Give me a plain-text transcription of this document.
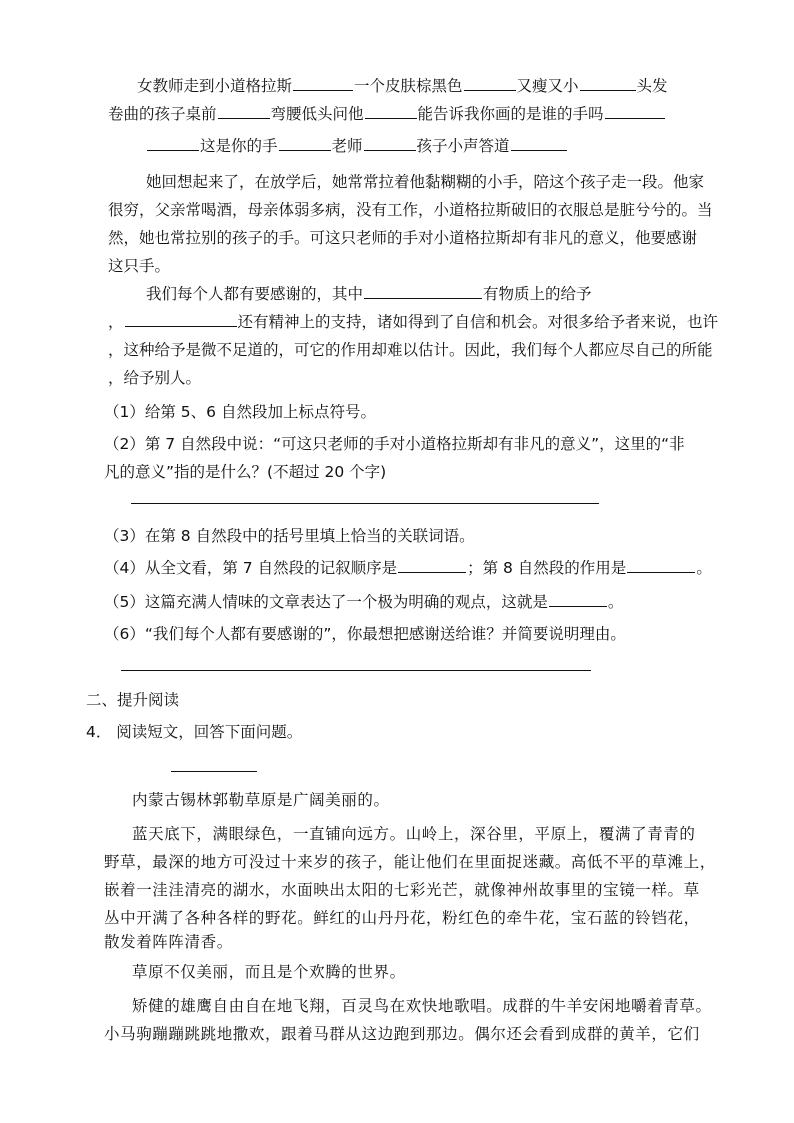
女教师走到小道格拉斯	一个皮肤棕黑色	又瘦又小	头发
卷曲的孩子桌前	弯腰低头问他	能告诉我你画的是谁的手吗
这是你的手	老师	孩子小声答道
她回想起来了，在放学后，她常常拉着他黏糊糊的小手，陪这个孩子走一段。他家
很穷，父亲常喝酒，母亲体弱多病，没有工作，小道格拉斯破旧的衣服总是脏兮兮的。当
然，她也常拉别的孩子的手。可这只老师的手对小道格拉斯却有非凡的意义，他要感谢
这只手。
我们每个人都有要感谢的，其中	有物质上的给予
，	还有精神上的支持，诸如得到了自信和机会。对很多给予者来说，也许
，这种给予是微不足道的，可它的作用却难以估计。因此，我们每个人都应尽自己的所能
，给予别人。
（1）给第 5、6 自然段加上标点符号。
（2）第 7 自然段中说：“可这只老师的手对小道格拉斯却有非凡的意义”，这里的“非
凡的意义”指的是什么？(不超过 20 个字)
（3）在第 8 自然段中的括号里填上恰当的关联词语。
（4）从全文看，第 7 自然段的记叙顺序是	；第 8 自然段的作用是	。
（5）这篇充满人情味的文章表达了一个极为明确的观点，这就是	。
（6）“我们每个人都有要感谢的”，你最想把感谢送给谁？并简要说明理由。
二、提升阅读
4． 阅读短文，回答下面问题。
内蒙古锡林郭勒草原是广阔美丽的。
蓝天底下，满眼绿色，一直铺向远方。山岭上，深谷里，平原上，覆满了青青的
野草，最深的地方可没过十来岁的孩子，能让他们在里面捉迷藏。高低不平的草滩上，
嵌着一洼洼清亮的湖水，水面映出太阳的七彩光芒，就像神州故事里的宝镜一样。草
丛中开满了各种各样的野花。鲜红的山丹丹花，粉红色的牵牛花，宝石蓝的铃铛花，
散发着阵阵清香。
草原不仅美丽，而且是个欢腾的世界。
矫健的雄鹰自由自在地飞翔，百灵鸟在欢快地歌唱。成群的牛羊安闲地嚼着青草。
小马驹蹦蹦跳跳地撒欢，跟着马群从这边跑到那边。偶尔还会看到成群的黄羊，它们
